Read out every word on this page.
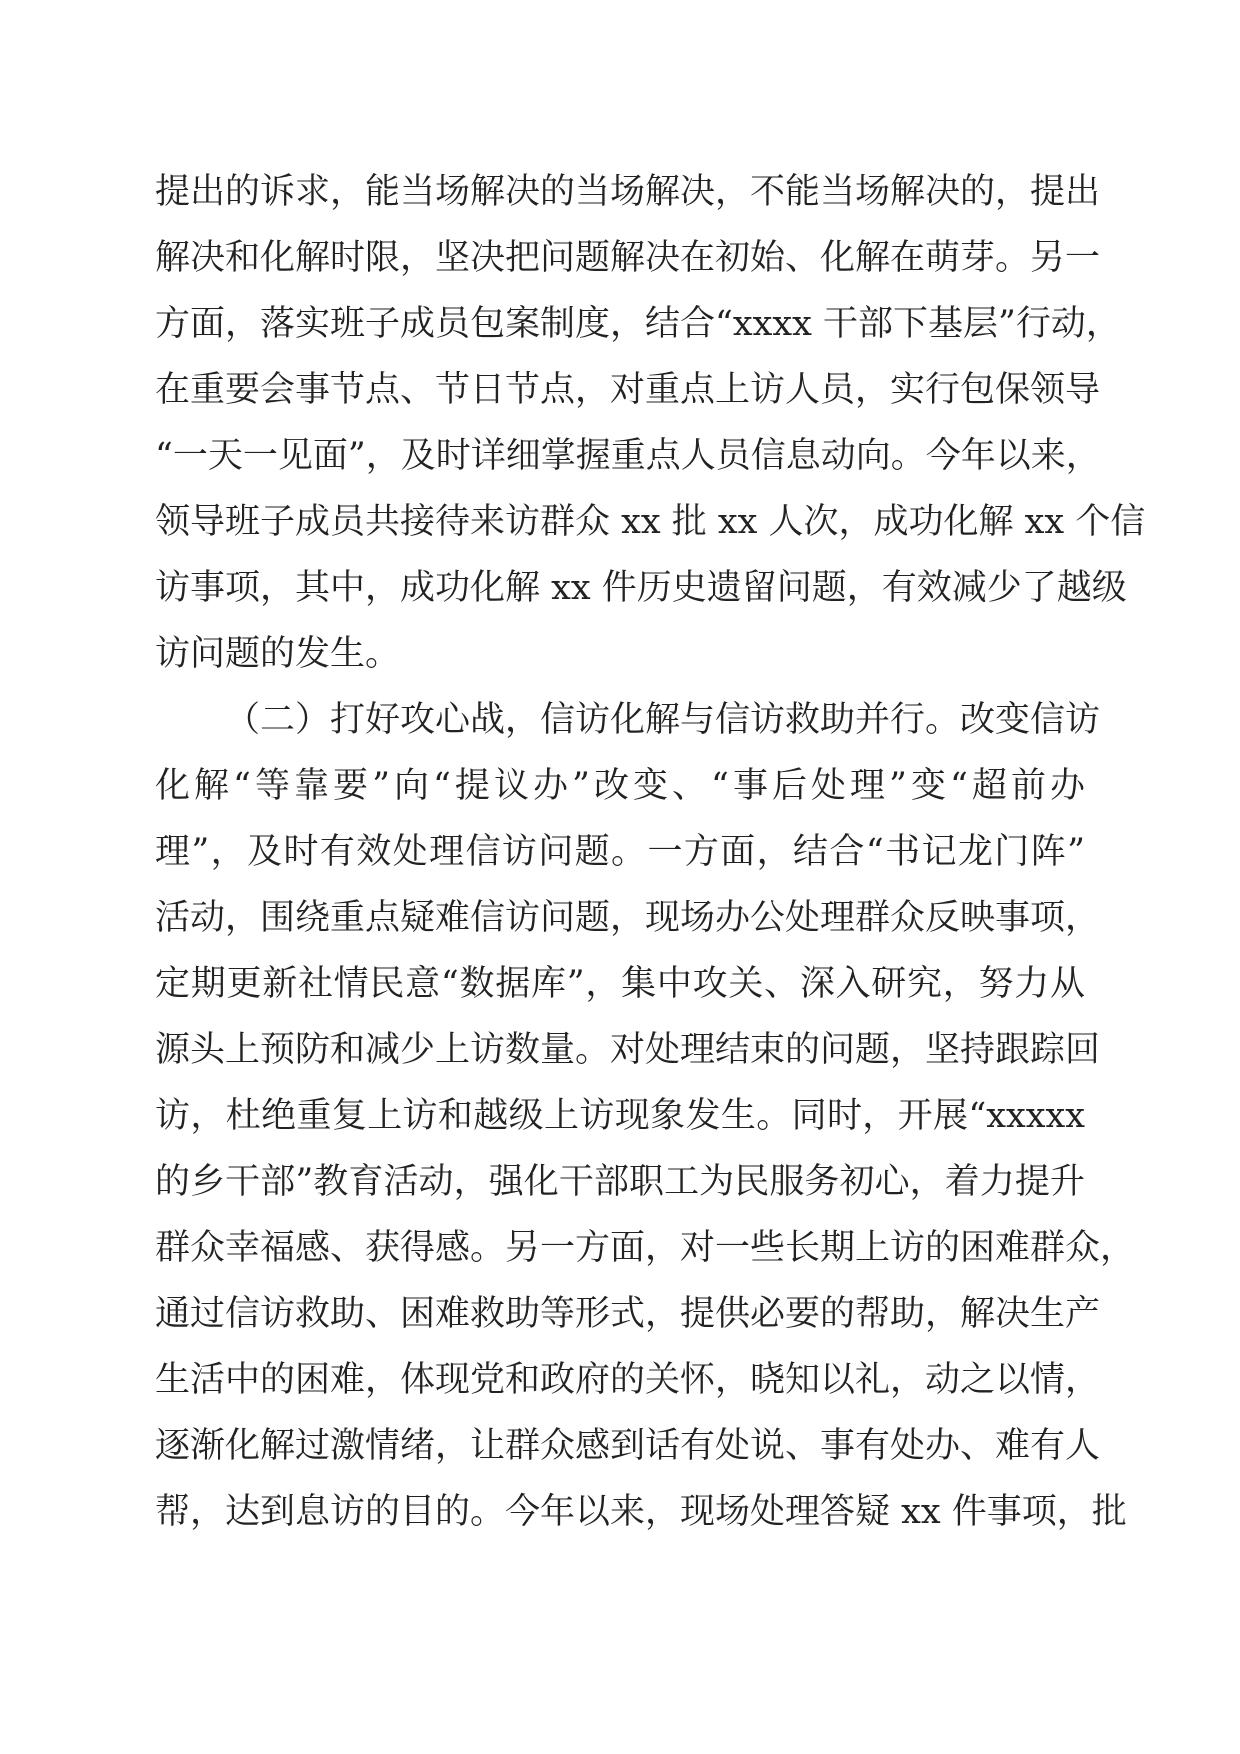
提出的诉求，能当场解决的当场解决，不能当场解决的，提出
解决和化解时限，坚决把问题解决在初始、化解在萌芽。另一
方面，落实班子成员包案制度，结合“xxxx 干部下基层”行动，
在重要会事节点、节日节点，对重点上访人员，实行包保领导
“一天一见面”，及时详细掌握重点人员信息动向。今年以来，
领导班子成员共接待来访群众 xx 批 xx 人次，成功化解 xx 个信
访事项，其中，成功化解 xx 件历史遗留问题，有效减少了越级
访问题的发生。
（二）打好攻心战，信访化解与信访救助并行。改变信访
化解“等靠要”向“提议办”改变、“事后处理”变“超前办
理”，及时有效处理信访问题。一方面，结合“书记龙门阵”
活动，围绕重点疑难信访问题，现场办公处理群众反映事项，
定期更新社情民意“数据库”，集中攻关、深入研究，努力从
源头上预防和减少上访数量。对处理结束的问题，坚持跟踪回
访，杜绝重复上访和越级上访现象发生。同时，开展“xxxxx
的乡干部”教育活动，强化干部职工为民服务初心，着力提升
群众幸福感、获得感。另一方面，对一些长期上访的困难群众，
通过信访救助、困难救助等形式，提供必要的帮助，解决生产
生活中的困难，体现党和政府的关怀，晓知以礼，动之以情，
逐渐化解过激情绪，让群众感到话有处说、事有处办、难有人
帮，达到息访的目的。今年以来，现场处理答疑 xx 件事项，批
